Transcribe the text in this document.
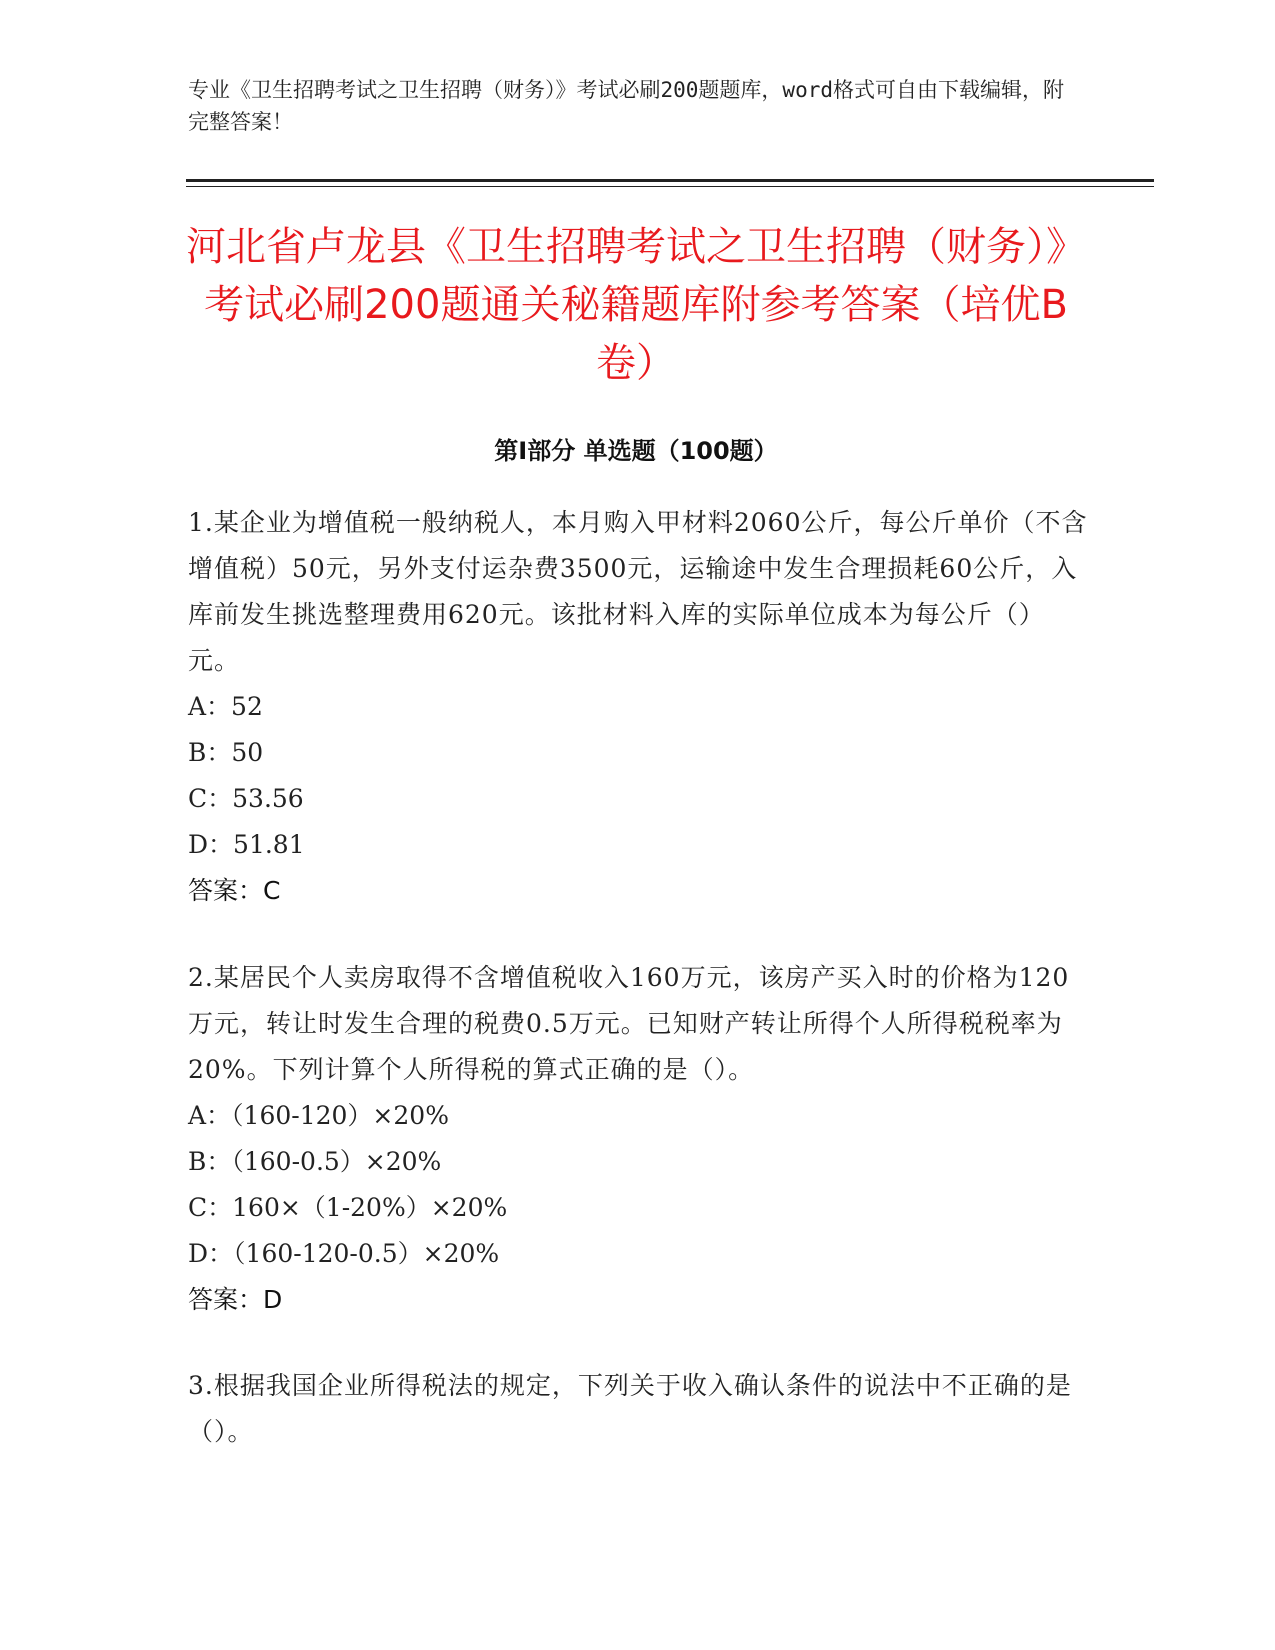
专业《卫生招聘考试之卫生招聘（财务）》考试必刷200题题库，word格式可自由下载编辑，附完整答案！
河北省卢龙县《卫生招聘考试之卫生招聘（财务）》考试必刷200题通关秘籍题库附参考答案（培优B卷）
第I部分 单选题（100题）

1.某企业为增值税一般纳税人，本月购入甲材料2060公斤，每公斤单价（不含增值税）50元，另外支付运杂费3500元，运输途中发生合理损耗60公斤，入库前发生挑选整理费用620元。该批材料入库的实际单位成本为每公斤（）元。

A：52

B：50

C：53.56

D：51.81

答案：C

2.某居民个人卖房取得不含增值税收入160万元，该房产买入时的价格为120万元，转让时发生合理的税费0.5万元。已知财产转让所得个人所得税税率为20%。下列计算个人所得税的算式正确的是（）。

A：（160-120）×20%

B：（160-0.5）×20%

C：160×（1-20%）×20%

D：（160-120-0.5）×20%

答案：D

3.根据我国企业所得税法的规定，下列关于收入确认条件的说法中不正确的是（）。
